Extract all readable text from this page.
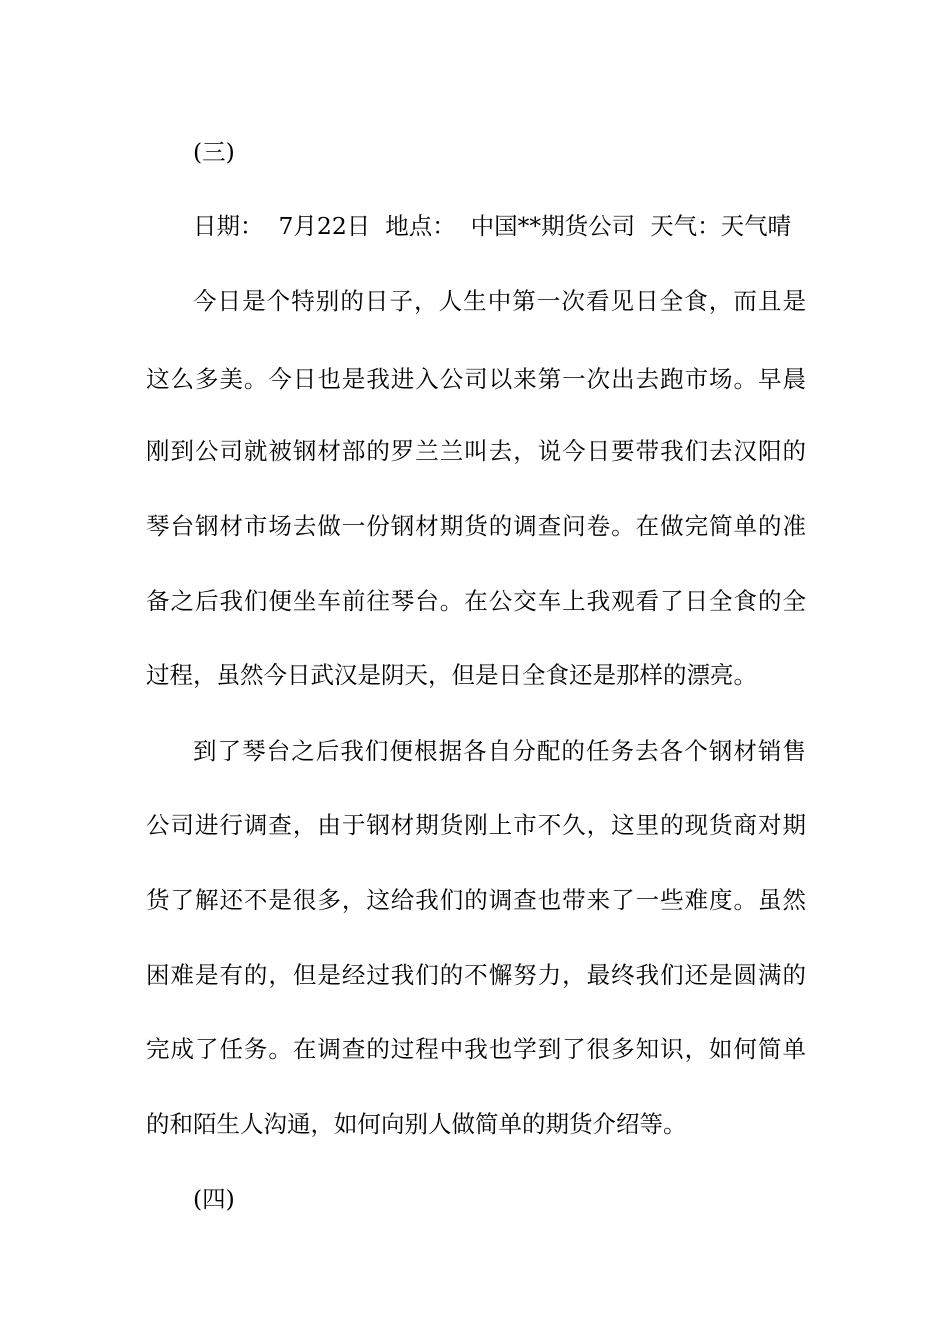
(三)
日期：  7月22日  地点：  中国**期货公司  天气：天气晴
今日是个特别的日子，人生中第一次看见日全食，而且是
这么多美。今日也是我进入公司以来第一次出去跑市场。早晨
刚到公司就被钢材部的罗兰兰叫去，说今日要带我们去汉阳的
琴台钢材市场去做一份钢材期货的调查问卷。在做完简单的准
备之后我们便坐车前往琴台。在公交车上我观看了日全食的全
过程，虽然今日武汉是阴天，但是日全食还是那样的漂亮。
到了琴台之后我们便根据各自分配的任务去各个钢材销售
公司进行调查，由于钢材期货刚上市不久，这里的现货商对期
货了解还不是很多，这给我们的调查也带来了一些难度。虽然
困难是有的，但是经过我们的不懈努力，最终我们还是圆满的
完成了任务。在调查的过程中我也学到了很多知识，如何简单
的和陌生人沟通，如何向别人做简单的期货介绍等。
(四)
